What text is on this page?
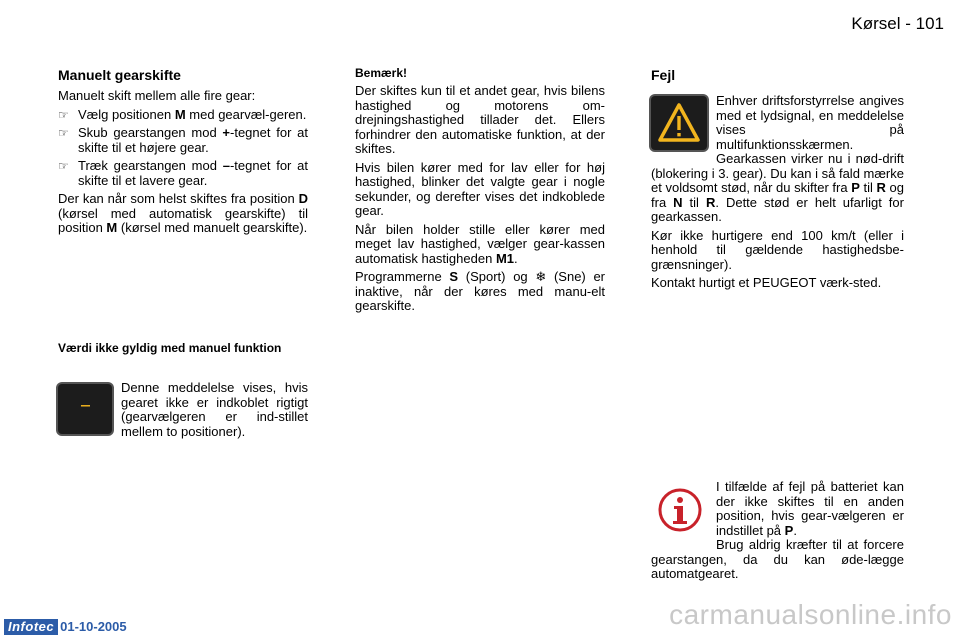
Kørsel - 101
Manuelt gearskifte

Manuelt skift mellem alle fire gear:

☞ Vælg positionen M med gearvæl-geren.
☞ Skub gearstangen mod +-tegnet for at skifte til et højere gear.
☞ Træk gearstangen mod –-tegnet for at skifte til et lavere gear.

Der kan når som helst skiftes fra position D (kørsel med automatisk gearskifte) til position M (kørsel med manuelt gearskifte).

Værdi ikke gyldig med manuel funktion
---

Denne meddelelse vises, hvis gearet ikke er indkoblet rigtigt (gearvælgeren er ind-stillet mellem to positioner).

Bemærk!

Der skiftes kun til et andet gear, hvis bilens hastighed og motorens om-drejningshastighed tillader det. Ellers forhindrer den automatiske funktion, at der skiftes.

Hvis bilen kører med for lav eller for høj hastighed, blinker det valgte gear i nogle sekunder, og derefter vises det indkoblede gear.

Når bilen holder stille eller kører med meget lav hastighed, vælger gear-kassen automatisk hastigheden M1.

Programmerne S (Sport) og ❄ (Sne) er inaktive, når der køres med manu-elt gearskifte.

Fejl

Enhver driftsforstyrrelse angives med et lydsignal, en meddelelse vises på multifunktionsskærmen.

Gearkassen virker nu i nød-drift (blokering i 3. gear). Du kan i så fald mærke et voldsomt stød, når du skifter fra P til R og fra N til R. Dette stød er helt ufarligt for gearkassen.

Kør ikke hurtigere end 100 km/t (eller i henhold til gældende hastighedsbe-grænsninger).

Kontakt hurtigt et PEUGEOT værk-sted.

I tilfælde af fejl på batteriet kan der ikke skiftes til en anden position, hvis gear-vælgeren er indstillet på P.

Brug aldrig kræfter til at forcere gearstangen, da du kan øde-lægge automatgearet.

Infotec 01-10-2005	carmanualsonline.info
